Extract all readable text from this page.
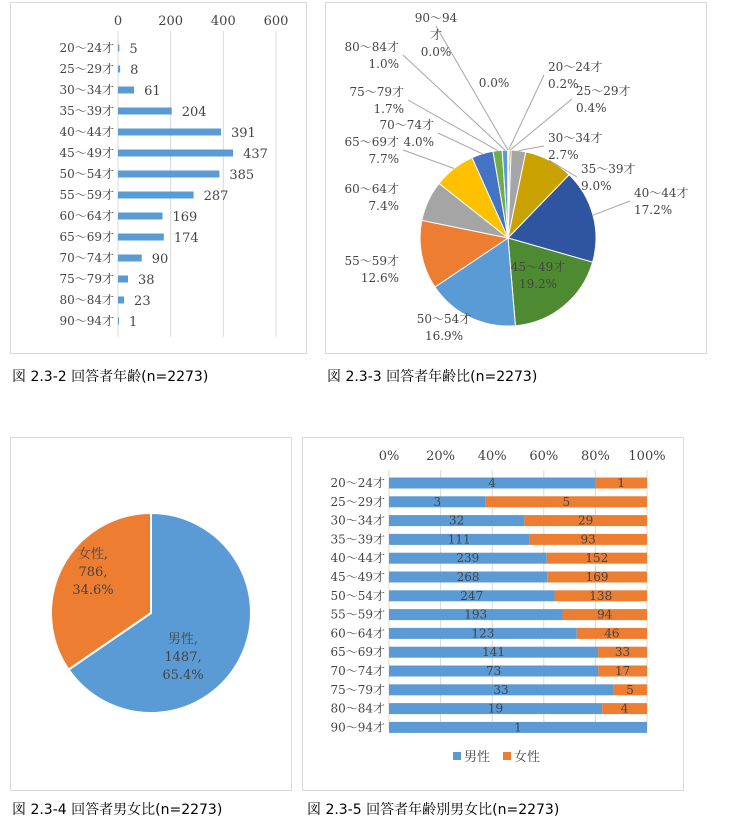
0	200 400 600
20～24才 5
25～29才 8
30～34才 61
35～39才	204
40～44才	391
45～49才	437
50～54才	385
55～59才	287
60～64才	169
65～69才	174
70～74才	90
75～79才 38
80～84才 23
90～94才 1
図 2.3-2 回答者年齢(n=2273)
20～24才
0.2%
25～29才
0.4%
30～34才
2.7%
35～39才
9.0% 40～44才
17.2%
45～49才
19.2%
50～54才
16.9%
55～59才
12.6%
60～64才
7.4%
65～69才
7.7%
70～74才
4.0%
75～79才
1.7%
80～84才
1.0%
90～94
才
0.0%
0.0%
図 2.3-3 回答者年齢比(n=2273)
男性,
1487,
65.4%
女性,
786,
34.6%
図 2.3-4 回答者男女比(n=2273)
0% 20% 40% 60% 80% 100%
20～24才	4	1
25～29才	3	5
30～34才	32	29
35～39才	111	93
40～44才	239	152
45～49才	268	169
50～54才	247	138
55～59才	193	94
60～64才	123	46
65～69才	141	33
70～74才	73	17
75～79才	33	5
80～84才	19	4
90～94才	1
男性 女性
図 2.3-5 回答者年齢別男女比(n=2273)
